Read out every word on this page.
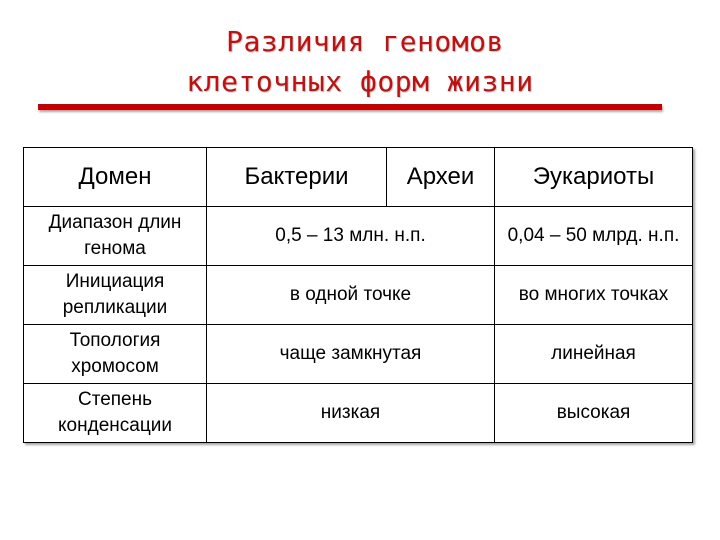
Различия геномов
клеточных форм жизни
Домен	Бактерии	Археи	Эукариоты
Диапазон длин генома	0,5 – 13 млн. н.п.		0,04 – 50 млрд. н.п.
Инициация репликации	в одной точке		во многих точках
Топология хромосом	чаще замкнутая		линейная
Степень конденсации	низкая		высокая
